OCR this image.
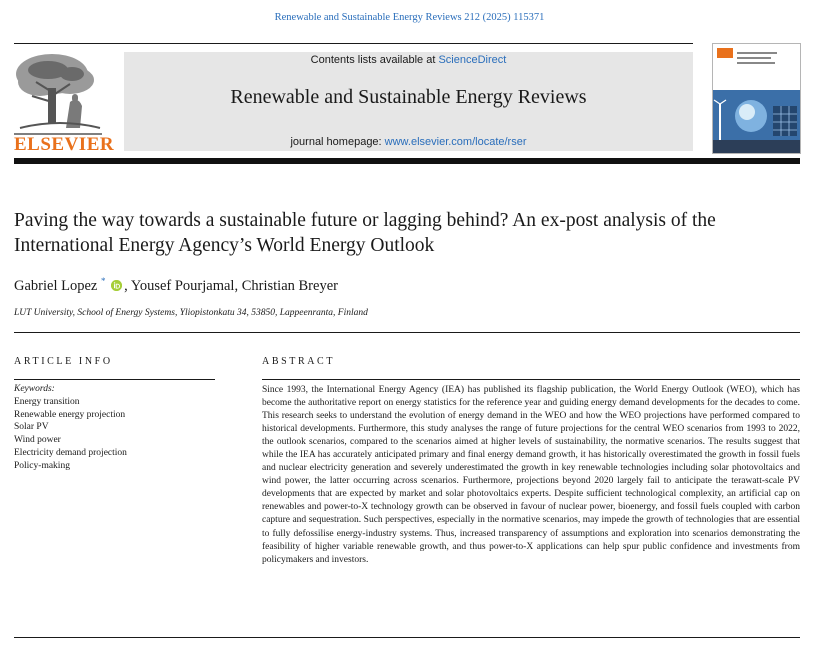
Renewable and Sustainable Energy Reviews 212 (2025) 115371
ELSEVIER
Contents lists available at ScienceDirect
Renewable and Sustainable Energy Reviews
journal homepage: www.elsevier.com/locate/rser
Paving the way towards a sustainable future or lagging behind? An ex-post analysis of the International Energy Agency’s World Energy Outlook
Gabriel Lopez * , Yousef Pourjamal, Christian Breyer
LUT University, School of Energy Systems, Yliopistonkatu 34, 53850, Lappeenranta, Finland
ARTICLE INFO
Keywords:
Energy transition
Renewable energy projection
Solar PV
Wind power
Electricity demand projection
Policy-making
ABSTRACT

Since 1993, the International Energy Agency (IEA) has published its flagship publication, the World Energy Outlook (WEO), which has become the authoritative report on energy statistics for the reference year and guiding energy demand developments for the decades to come. This research seeks to understand the evolution of energy demand in the WEO and how the WEO projections have performed compared to historical developments. Furthermore, this study analyses the range of future projections for the central WEO scenarios from 1993 to 2022, the outlook scenarios, compared to the scenarios aimed at higher levels of sustainability, the normative scenarios. The results suggest that while the IEA has accurately anticipated primary and final energy demand growth, it has historically overestimated the growth in fossil fuels and nuclear electricity generation and severely underestimated the growth in key renewable technologies including solar photovoltaics and wind power, the latter occurring across scenarios. Furthermore, projections beyond 2020 largely fail to anticipate the terawatt-scale PV developments that are expected by market and solar photovoltaics experts. Despite sufficient technological complexity, an artificial cap on renewables and power-to-X technology growth can be observed in favour of nuclear power, bioenergy, and fossil fuels coupled with carbon capture and sequestration. Such perspectives, especially in the normative scenarios, may impede the growth of technologies that are essential to fully defossilise energy-industry systems. Thus, increased transparency of assumptions and exploration into scenarios demonstrating the feasibility of higher variable renewable growth, and thus power-to-X applications can help spur public confidence and investments from policymakers and investors.
